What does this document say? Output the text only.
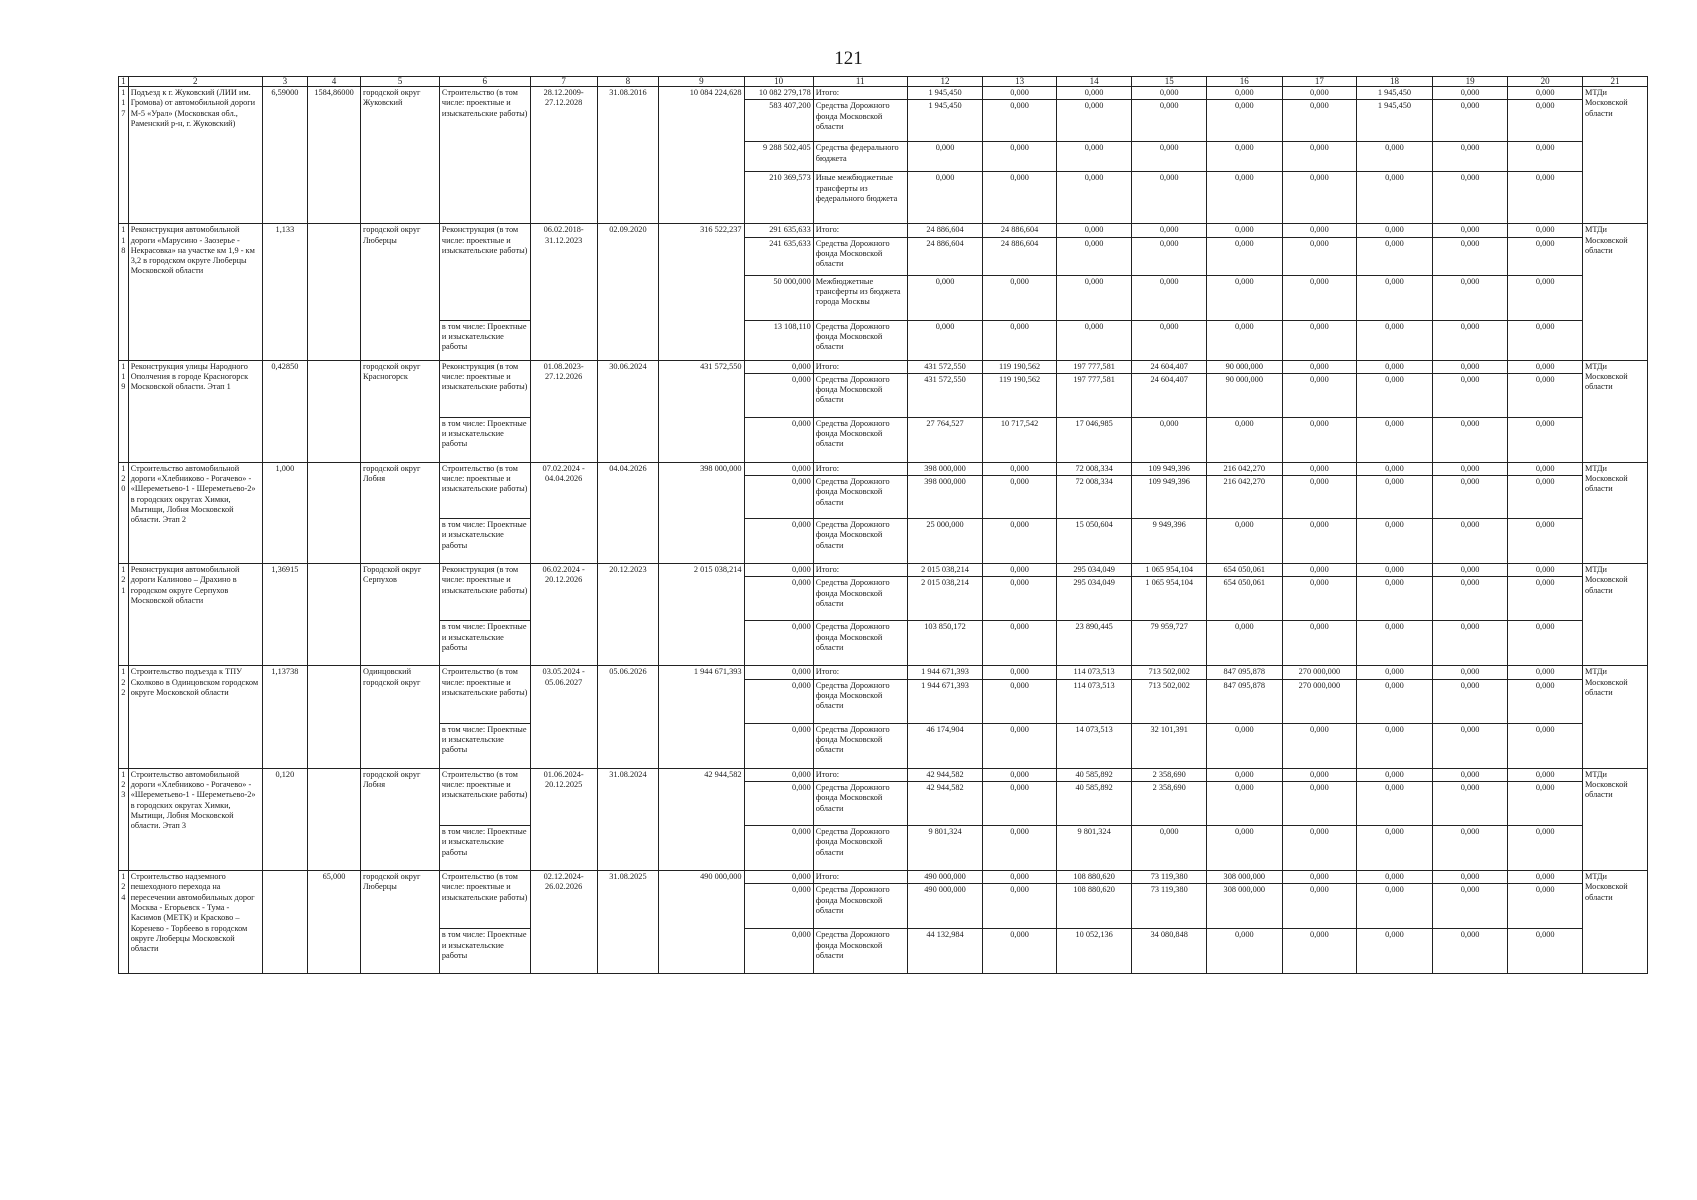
121
1	2	3	4	5	6	7	8	9	10	11	12	13	14	15	16	17	18	19	20	21
117	Подъезд к г. Жуковский (ЛИИ им. Громова) от автомобильной дороги М-5 «Урал» (Московская обл., Раменский р-н, г. Жуковский)	6,59000	1584,86000	городской округ Жуковский	Строительство (в том числе: проектные и изыскательские работы)	28.12.2009-27.12.2028	31.08.2016	10 084 224,628	10 082 279,178	Итого:	1 945,450	0,000	0,000	0,000	0,000	0,000	1 945,450	0,000	0,000	МТДи Московской области
									583 407,200	Средства Дорожного фонда Московской области	1 945,450	0,000	0,000	0,000	0,000	0,000	1 945,450	0,000	0,000	
									9 288 502,405	Средства федерального бюджета	0,000	0,000	0,000	0,000	0,000	0,000	0,000	0,000	0,000	
									210 369,573	Иные межбюджетные трансферты из федерального бюджета	0,000	0,000	0,000	0,000	0,000	0,000	0,000	0,000	0,000	
118	Реконструкция автомобильной дороги «Марусино - Заозерье - Некрасовка» на участке км 1,9 - км 3,2 в городском округе Люберцы Московской области	1,133		городской округ Люберцы	Реконструкция (в том числе: проектные и изыскательские работы)	06.02.2018-31.12.2023	02.09.2020	316 522,237	291 635,633	Итого:	24 886,604	24 886,604	0,000	0,000	0,000	0,000	0,000	0,000	0,000	МТДи Московской области
									241 635,633	Средства Дорожного фонда Московской области	24 886,604	24 886,604	0,000	0,000	0,000	0,000	0,000	0,000	0,000	
									50 000,000	Межбюджетные трансферты из бюджета города Москвы	0,000	0,000	0,000	0,000	0,000	0,000	0,000	0,000	0,000	
					в том числе: Проектные и изыскательские работы				13 108,110	Средства Дорожного фонда Московской области	0,000	0,000	0,000	0,000	0,000	0,000	0,000	0,000	0,000	
119	Реконструкция улицы Народного Ополчения в городе Красногорск Московской области. Этап 1	0,42850		городской округ Красногорск	Реконструкция (в том числе: проектные и изыскательские работы)	01.08.2023-27.12.2026	30.06.2024	431 572,550	0,000	Итого:	431 572,550	119 190,562	197 777,581	24 604,407	90 000,000	0,000	0,000	0,000	0,000	МТДи Московской области
									0,000	Средства Дорожного фонда Московской области	431 572,550	119 190,562	197 777,581	24 604,407	90 000,000	0,000	0,000	0,000	0,000	
					в том числе: Проектные и изыскательские работы				0,000	Средства Дорожного фонда Московской области	27 764,527	10 717,542	17 046,985	0,000	0,000	0,000	0,000	0,000	0,000	
120	Строительство автомобильной дороги «Хлебниково - Рогачево» - «Шереметьево-1 - Шереметьево-2» в городских округах Химки, Мытищи, Лобня Московской области. Этап 2	1,000		городской округ Лобня	Строительство (в том числе: проектные и изыскательские работы)	07.02.2024 - 04.04.2026	04.04.2026	398 000,000	0,000	Итого:	398 000,000	0,000	72 008,334	109 949,396	216 042,270	0,000	0,000	0,000	0,000	МТДи Московской области
									0,000	Средства Дорожного фонда Московской области	398 000,000	0,000	72 008,334	109 949,396	216 042,270	0,000	0,000	0,000	0,000	
					в том числе: Проектные и изыскательские работы				0,000	Средства Дорожного фонда Московской области	25 000,000	0,000	15 050,604	9 949,396	0,000	0,000	0,000	0,000	0,000	
121	Реконструкция автомобильной дороги Калиново – Драхино в городском округе Серпухов Московской области	1,36915		Городской округ Серпухов	Реконструкция (в том числе: проектные и изыскательские работы)	06.02.2024 - 20.12.2026	20.12.2023	2 015 038,214	0,000	Итого:	2 015 038,214	0,000	295 034,049	1 065 954,104	654 050,061	0,000	0,000	0,000	0,000	МТДи Московской области
									0,000	Средства Дорожного фонда Московской области	2 015 038,214	0,000	295 034,049	1 065 954,104	654 050,061	0,000	0,000	0,000	0,000	
					в том числе: Проектные и изыскательские работы				0,000	Средства Дорожного фонда Московской области	103 850,172	0,000	23 890,445	79 959,727	0,000	0,000	0,000	0,000	0,000	
122	Строительство подъезда к ТПУ Сколково в Одинцовском городском округе Московской области	1,13738		Одинцовский городской округ	Строительство (в том числе: проектные и изыскательские работы)	03.05.2024 - 05.06.2027	05.06.2026	1 944 671,393	0,000	Итого:	1 944 671,393	0,000	114 073,513	713 502,002	847 095,878	270 000,000	0,000	0,000	0,000	МТДи Московской области
									0,000	Средства Дорожного фонда Московской области	1 944 671,393	0,000	114 073,513	713 502,002	847 095,878	270 000,000	0,000	0,000	0,000	
					в том числе: Проектные и изыскательские работы				0,000	Средства Дорожного фонда Московской области	46 174,904	0,000	14 073,513	32 101,391	0,000	0,000	0,000	0,000	0,000	
123	Строительство автомобильной дороги «Хлебниково - Рогачево» - «Шереметьево-1 - Шереметьево-2» в городских округах Химки, Мытищи, Лобня Московской области. Этап 3	0,120		городской округ Лобня	Строительство (в том числе: проектные и изыскательские работы)	01.06.2024-20.12.2025	31.08.2024	42 944,582	0,000	Итого:	42 944,582	0,000	40 585,892	2 358,690	0,000	0,000	0,000	0,000	0,000	МТДи Московской области
									0,000	Средства Дорожного фонда Московской области	42 944,582	0,000	40 585,892	2 358,690	0,000	0,000	0,000	0,000	0,000	
					в том числе: Проектные и изыскательские работы				0,000	Средства Дорожного фонда Московской области	9 801,324	0,000	9 801,324	0,000	0,000	0,000	0,000	0,000	0,000	
124	Строительство надземного пешеходного перехода на пересечении автомобильных дорог Москва - Егорьевск - Тума - Касимов (МЕТК) и Красково – Коренево - Торбеево в городском округе Люберцы Московской области		65,000	городской округ Люберцы	Строительство (в том числе: проектные и изыскательские работы)	02.12.2024-26.02.2026	31.08.2025	490 000,000	0,000	Итого:	490 000,000	0,000	108 880,620	73 119,380	308 000,000	0,000	0,000	0,000	0,000	МТДи Московской области
									0,000	Средства Дорожного фонда Московской области	490 000,000	0,000	108 880,620	73 119,380	308 000,000	0,000	0,000	0,000	0,000	
					в том числе: Проектные и изыскательские работы				0,000	Средства Дорожного фонда Московской области	44 132,984	0,000	10 052,136	34 080,848	0,000	0,000	0,000	0,000	0,000	
